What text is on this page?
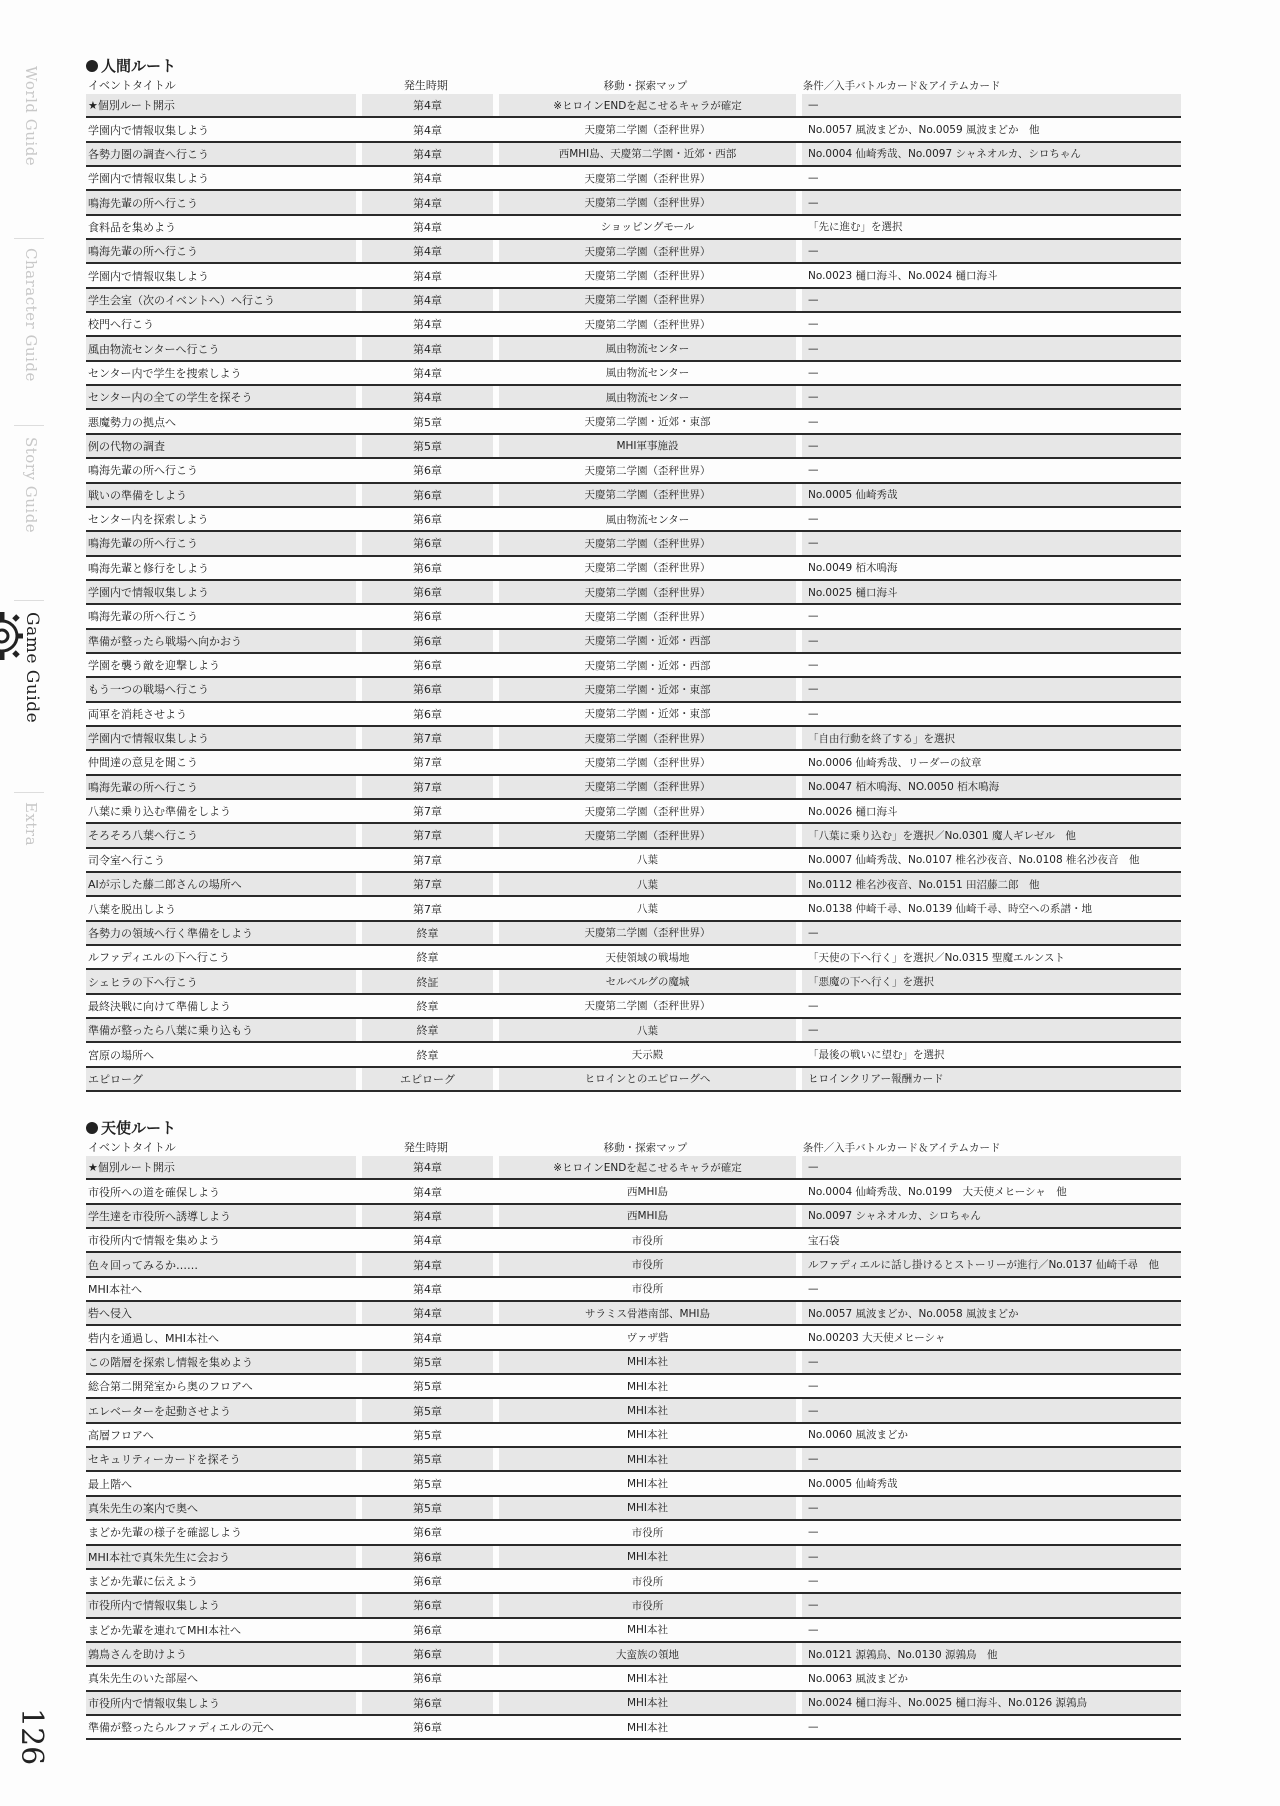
World Guide
Character Guide
Story Guide
Game Guide
Extra
126
人間ルート
イベントタイトル	発生時期	移動・探索マップ	条件／入手バトルカード＆アイテムカード
★個別ルート開示	第4章	※ヒロインENDを起こせるキャラが確定	—
学園内で情報収集しよう	第4章	天慶第二学園（歪秤世界）	No.0057 風波まどか、No.0059 風波まどか　他
各勢力圏の調査へ行こう	第4章	西MHI島、天慶第二学園・近郊・西部	No.0004 仙崎秀哉、No.0097 シャネオルカ、シロちゃん
学園内で情報収集しよう	第4章	天慶第二学園（歪秤世界）	—
鳴海先輩の所へ行こう	第4章	天慶第二学園（歪秤世界）	—
食料品を集めよう	第4章	ショッピングモール	「先に進む」を選択
鳴海先輩の所へ行こう	第4章	天慶第二学園（歪秤世界）	—
学園内で情報収集しよう	第4章	天慶第二学園（歪秤世界）	No.0023 樋口海斗、No.0024 樋口海斗
学生会室（次のイベントへ）へ行こう	第4章	天慶第二学園（歪秤世界）	—
校門へ行こう	第4章	天慶第二学園（歪秤世界）	—
風由物流センターへ行こう	第4章	風由物流センター	—
センター内で学生を捜索しよう	第4章	風由物流センター	—
センター内の全ての学生を探そう	第4章	風由物流センター	—
悪魔勢力の拠点へ	第5章	天慶第二学園・近郊・東部	—
例の代物の調査	第5章	MHI軍事施設	—
鳴海先輩の所へ行こう	第6章	天慶第二学園（歪秤世界）	—
戦いの準備をしよう	第6章	天慶第二学園（歪秤世界）	No.0005 仙崎秀哉
センター内を探索しよう	第6章	風由物流センター	—
鳴海先輩の所へ行こう	第6章	天慶第二学園（歪秤世界）	—
鳴海先輩と修行をしよう	第6章	天慶第二学園（歪秤世界）	No.0049 栢木鳴海
学園内で情報収集しよう	第6章	天慶第二学園（歪秤世界）	No.0025 樋口海斗
鳴海先輩の所へ行こう	第6章	天慶第二学園（歪秤世界）	—
準備が整ったら戦場へ向かおう	第6章	天慶第二学園・近郊・西部	—
学園を襲う敵を迎撃しよう	第6章	天慶第二学園・近郊・西部	—
もう一つの戦場へ行こう	第6章	天慶第二学園・近郊・東部	—
両軍を消耗させよう	第6章	天慶第二学園・近郊・東部	—
学園内で情報収集しよう	第7章	天慶第二学園（歪秤世界）	「自由行動を終了する」を選択
仲間達の意見を聞こう	第7章	天慶第二学園（歪秤世界）	No.0006 仙崎秀哉、リーダーの紋章
鳴海先輩の所へ行こう	第7章	天慶第二学園（歪秤世界）	No.0047 栢木鳴海、NO.0050 栢木鳴海
八葉に乗り込む準備をしよう	第7章	天慶第二学園（歪秤世界）	No.0026 樋口海斗
そろそろ八葉へ行こう	第7章	天慶第二学園（歪秤世界）	「八葉に乗り込む」を選択／No.0301 魔人ギレゼル　他
司令室へ行こう	第7章	八葉	No.0007 仙崎秀哉、No.0107 椎名沙夜音、No.0108 椎名沙夜音　他
AIが示した藤二郎さんの場所へ	第7章	八葉	No.0112 椎名沙夜音、No.0151 田沼藤二郎　他
八葉を脱出しよう	第7章	八葉	No.0138 仲崎千尋、No.0139 仙崎千尋、時空への系譜・地
各勢力の領域へ行く準備をしよう	終章	天慶第二学園（歪秤世界）	—
ルファディエルの下へ行こう	終章	天使領域の戦場地	「天使の下へ行く」を選択／No.0315 聖魔エルンスト
シェヒラの下へ行こう	終証	セルベルグの魔城	「悪魔の下へ行く」を選択
最終決戦に向けて準備しよう	終章	天慶第二学園（歪秤世界）	—
準備が整ったら八葉に乗り込もう	終章	八葉	—
宮原の場所へ	終章	天示殿	「最後の戦いに望む」を選択
エピローグ	エピローグ	ヒロインとのエピローグへ	ヒロインクリアー報酬カード
天使ルート
イベントタイトル	発生時期	移動・探索マップ	条件／入手バトルカード＆アイテムカード
★個別ルート開示	第4章	※ヒロインENDを起こせるキャラが確定	—
市役所への道を確保しよう	第4章	西MHI島	No.0004 仙崎秀哉、No.0199　大天使メヒーシャ　他
学生達を市役所へ誘導しよう	第4章	西MHI島	No.0097 シャネオルカ、シロちゃん
市役所内で情報を集めよう	第4章	市役所	宝石袋
色々回ってみるか……	第4章	市役所	ルファディエルに話し掛けるとストーリーが進行／No.0137 仙崎千尋　他
MHI本社へ	第4章	市役所	—
砦へ侵入	第4章	サラミス骨港南部、MHI島	No.0057 風波まどか、No.0058 風波まどか
砦内を通過し、MHI本社へ	第4章	ヴァザ砦	No.00203 大天使メヒーシャ
この階層を探索し情報を集めよう	第5章	MHI本社	—
総合第二開発室から奥のフロアへ	第5章	MHI本社	—
エレベーターを起動させよう	第5章	MHI本社	—
高層フロアへ	第5章	MHI本社	No.0060 風波まどか
セキュリティーカードを探そう	第5章	MHI本社	—
最上階へ	第5章	MHI本社	No.0005 仙崎秀哉
真朱先生の案内で奥へ	第5章	MHI本社	—
まどか先輩の様子を確認しよう	第6章	市役所	—
MHI本社で真朱先生に会おう	第6章	MHI本社	—
まどか先輩に伝えよう	第6章	市役所	—
市役所内で情報収集しよう	第6章	市役所	—
まどか先輩を連れてMHI本社へ	第6章	MHI本社	—
鶉鳥さんを助けよう	第6章	大蛮族の領地	No.0121 源鶉鳥、No.0130 源鶉鳥　他
真朱先生のいた部屋へ	第6章	MHI本社	No.0063 風波まどか
市役所内で情報収集しよう	第6章	MHI本社	No.0024 樋口海斗、No.0025 樋口海斗、No.0126 源鶉鳥
準備が整ったらルファディエルの元へ	第6章	MHI本社	—
